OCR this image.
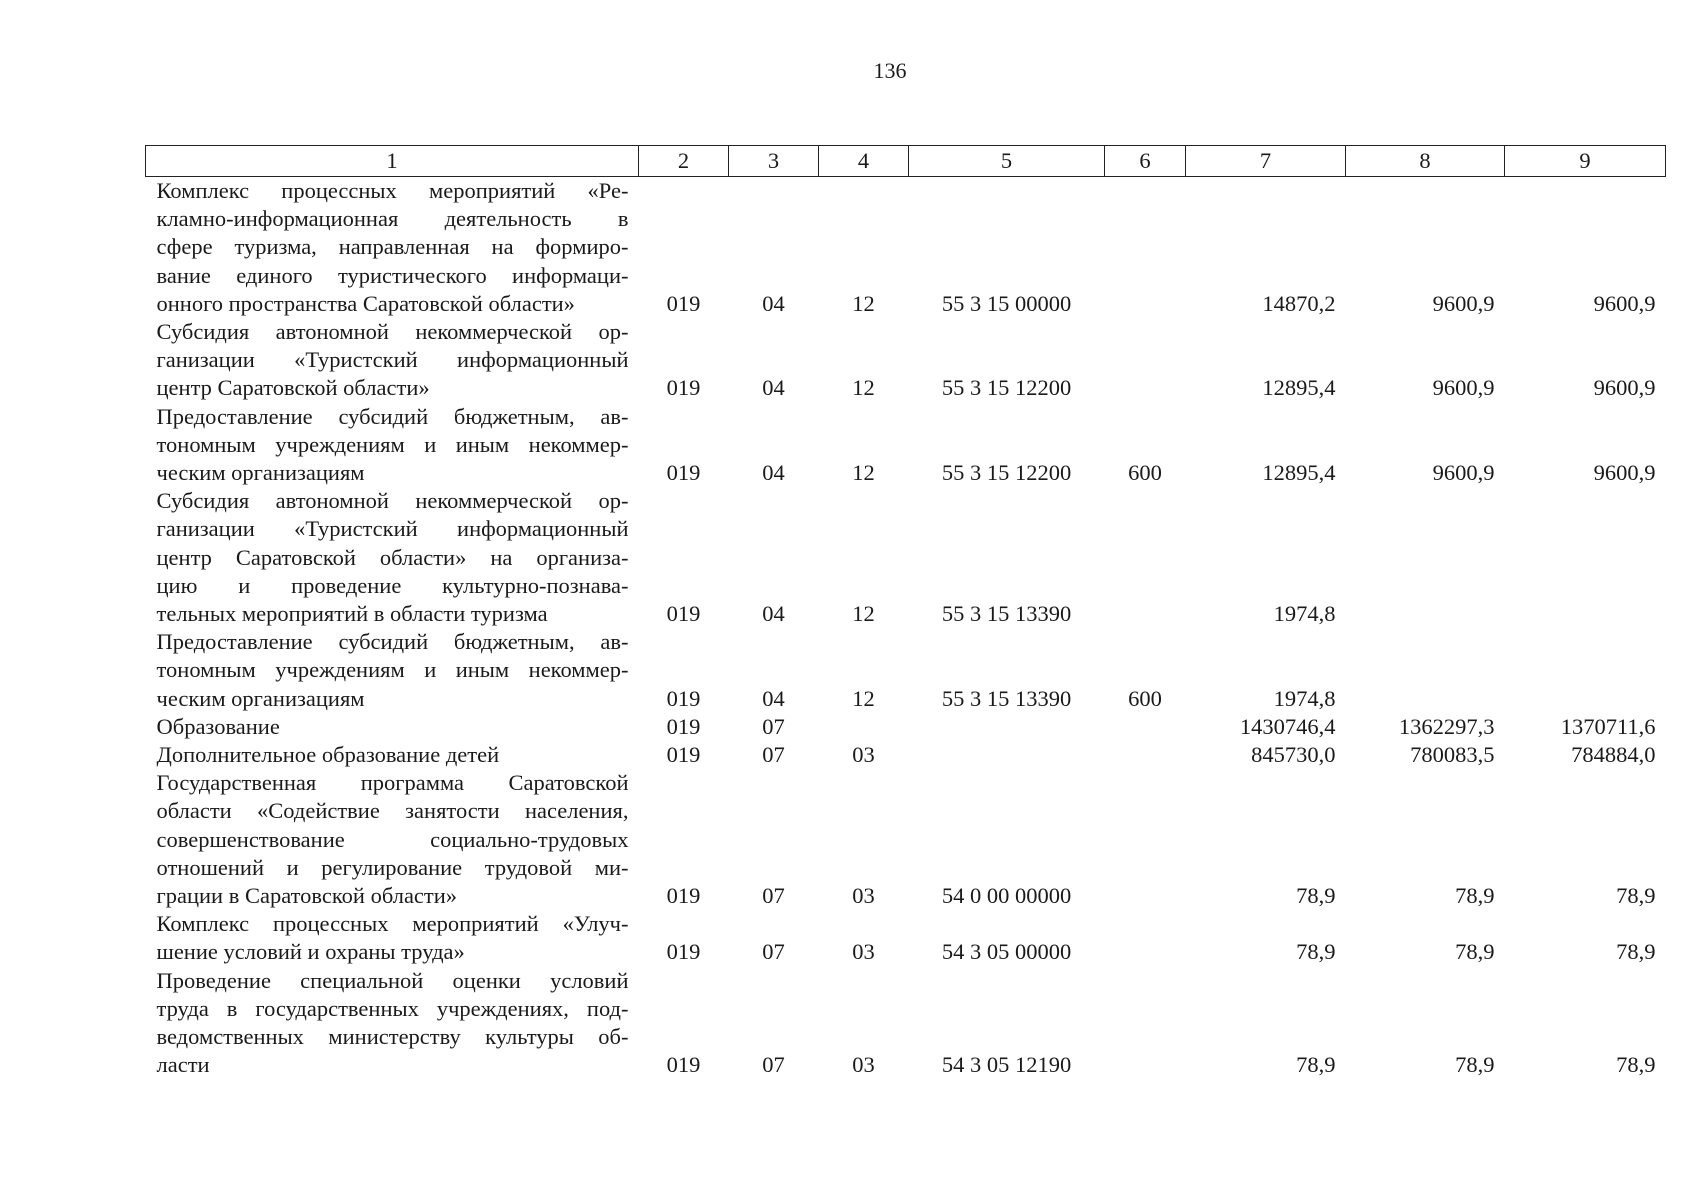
136
1	2	3	4	5	6	7	8	9

Комплекс процессных мероприятий «Ре-
кламно-информационная деятельность в
сфере туризма, направленная на формиро-
вание единого туристического информаци-
онного пространства Саратовской области»	019	04	12	55 3 15 00000		14870,2	9600,9	9600,9

Субсидия автономной некоммерческой ор-
ганизации «Туристский информационный
центр Саратовской области»	019	04	12	55 3 15 12200		12895,4	9600,9	9600,9

Предоставление субсидий бюджетным, ав-
тономным учреждениям и иным некоммер-
ческим организациям	019	04	12	55 3 15 12200	600	12895,4	9600,9	9600,9

Субсидия автономной некоммерческой ор-
ганизации «Туристский информационный
центр Саратовской области» на организа-
цию и проведение культурно-познава-
тельных мероприятий в области туризма	019	04	12	55 3 15 13390		1974,8		

Предоставление субсидий бюджетным, ав-
тономным учреждениям и иным некоммер-
ческим организациям	019	04	12	55 3 15 13390	600	1974,8		

Образование	019	07				1430746,4	1362297,3	1370711,6

Дополнительное образование детей	019	07	03			845730,0	780083,5	784884,0

Государственная программа Саратовской
области «Содействие занятости населения,
совершенствование социально-трудовых
отношений и регулирование трудовой ми-
грации в Саратовской области»	019	07	03	54 0 00 00000		78,9	78,9	78,9

Комплекс процессных мероприятий «Улуч-
шение условий и охраны труда»	019	07	03	54 3 05 00000		78,9	78,9	78,9

Проведение специальной оценки условий
труда в государственных учреждениях, под-
ведомственных министерству культуры об-
ласти	019	07	03	54 3 05 12190		78,9	78,9	78,9
